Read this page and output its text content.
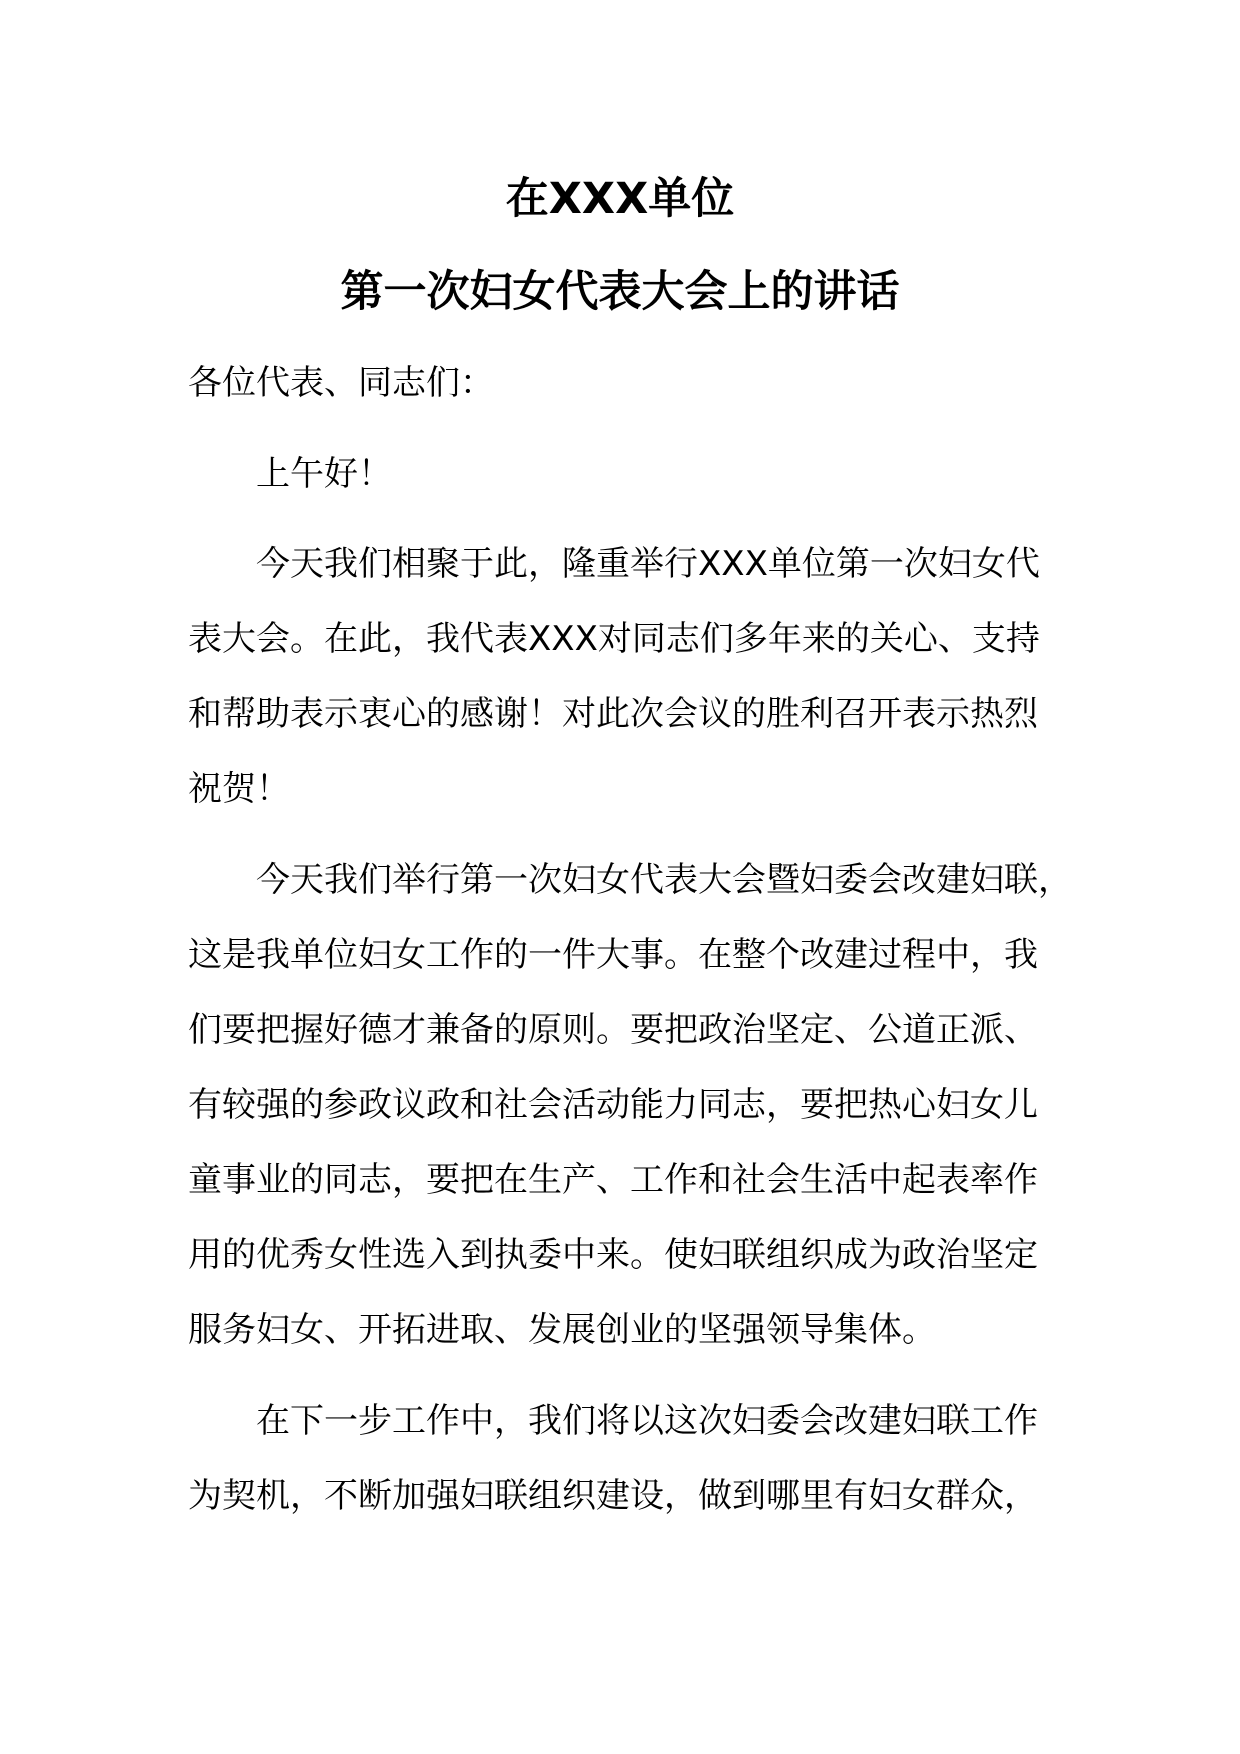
在XXX单位
第一次妇女代表大会上的讲话
各位代表、同志们：
上午好！
今天我们相聚于此，隆重举行XXX单位第一次妇女代
表大会。在此，我代表XXX对同志们多年来的关心、支持
和帮助表示衷心的感谢！对此次会议的胜利召开表示热烈
祝贺！
今天我们举行第一次妇女代表大会暨妇委会改建妇联，
这是我单位妇女工作的一件大事。在整个改建过程中，我
们要把握好德才兼备的原则。要把政治坚定、公道正派、
有较强的参政议政和社会活动能力同志，要把热心妇女儿
童事业的同志，要把在生产、工作和社会生活中起表率作
用的优秀女性选入到执委中来。使妇联组织成为政治坚定
服务妇女、开拓进取、发展创业的坚强领导集体。
在下一步工作中，我们将以这次妇委会改建妇联工作
为契机，不断加强妇联组织建设，做到哪里有妇女群众，
